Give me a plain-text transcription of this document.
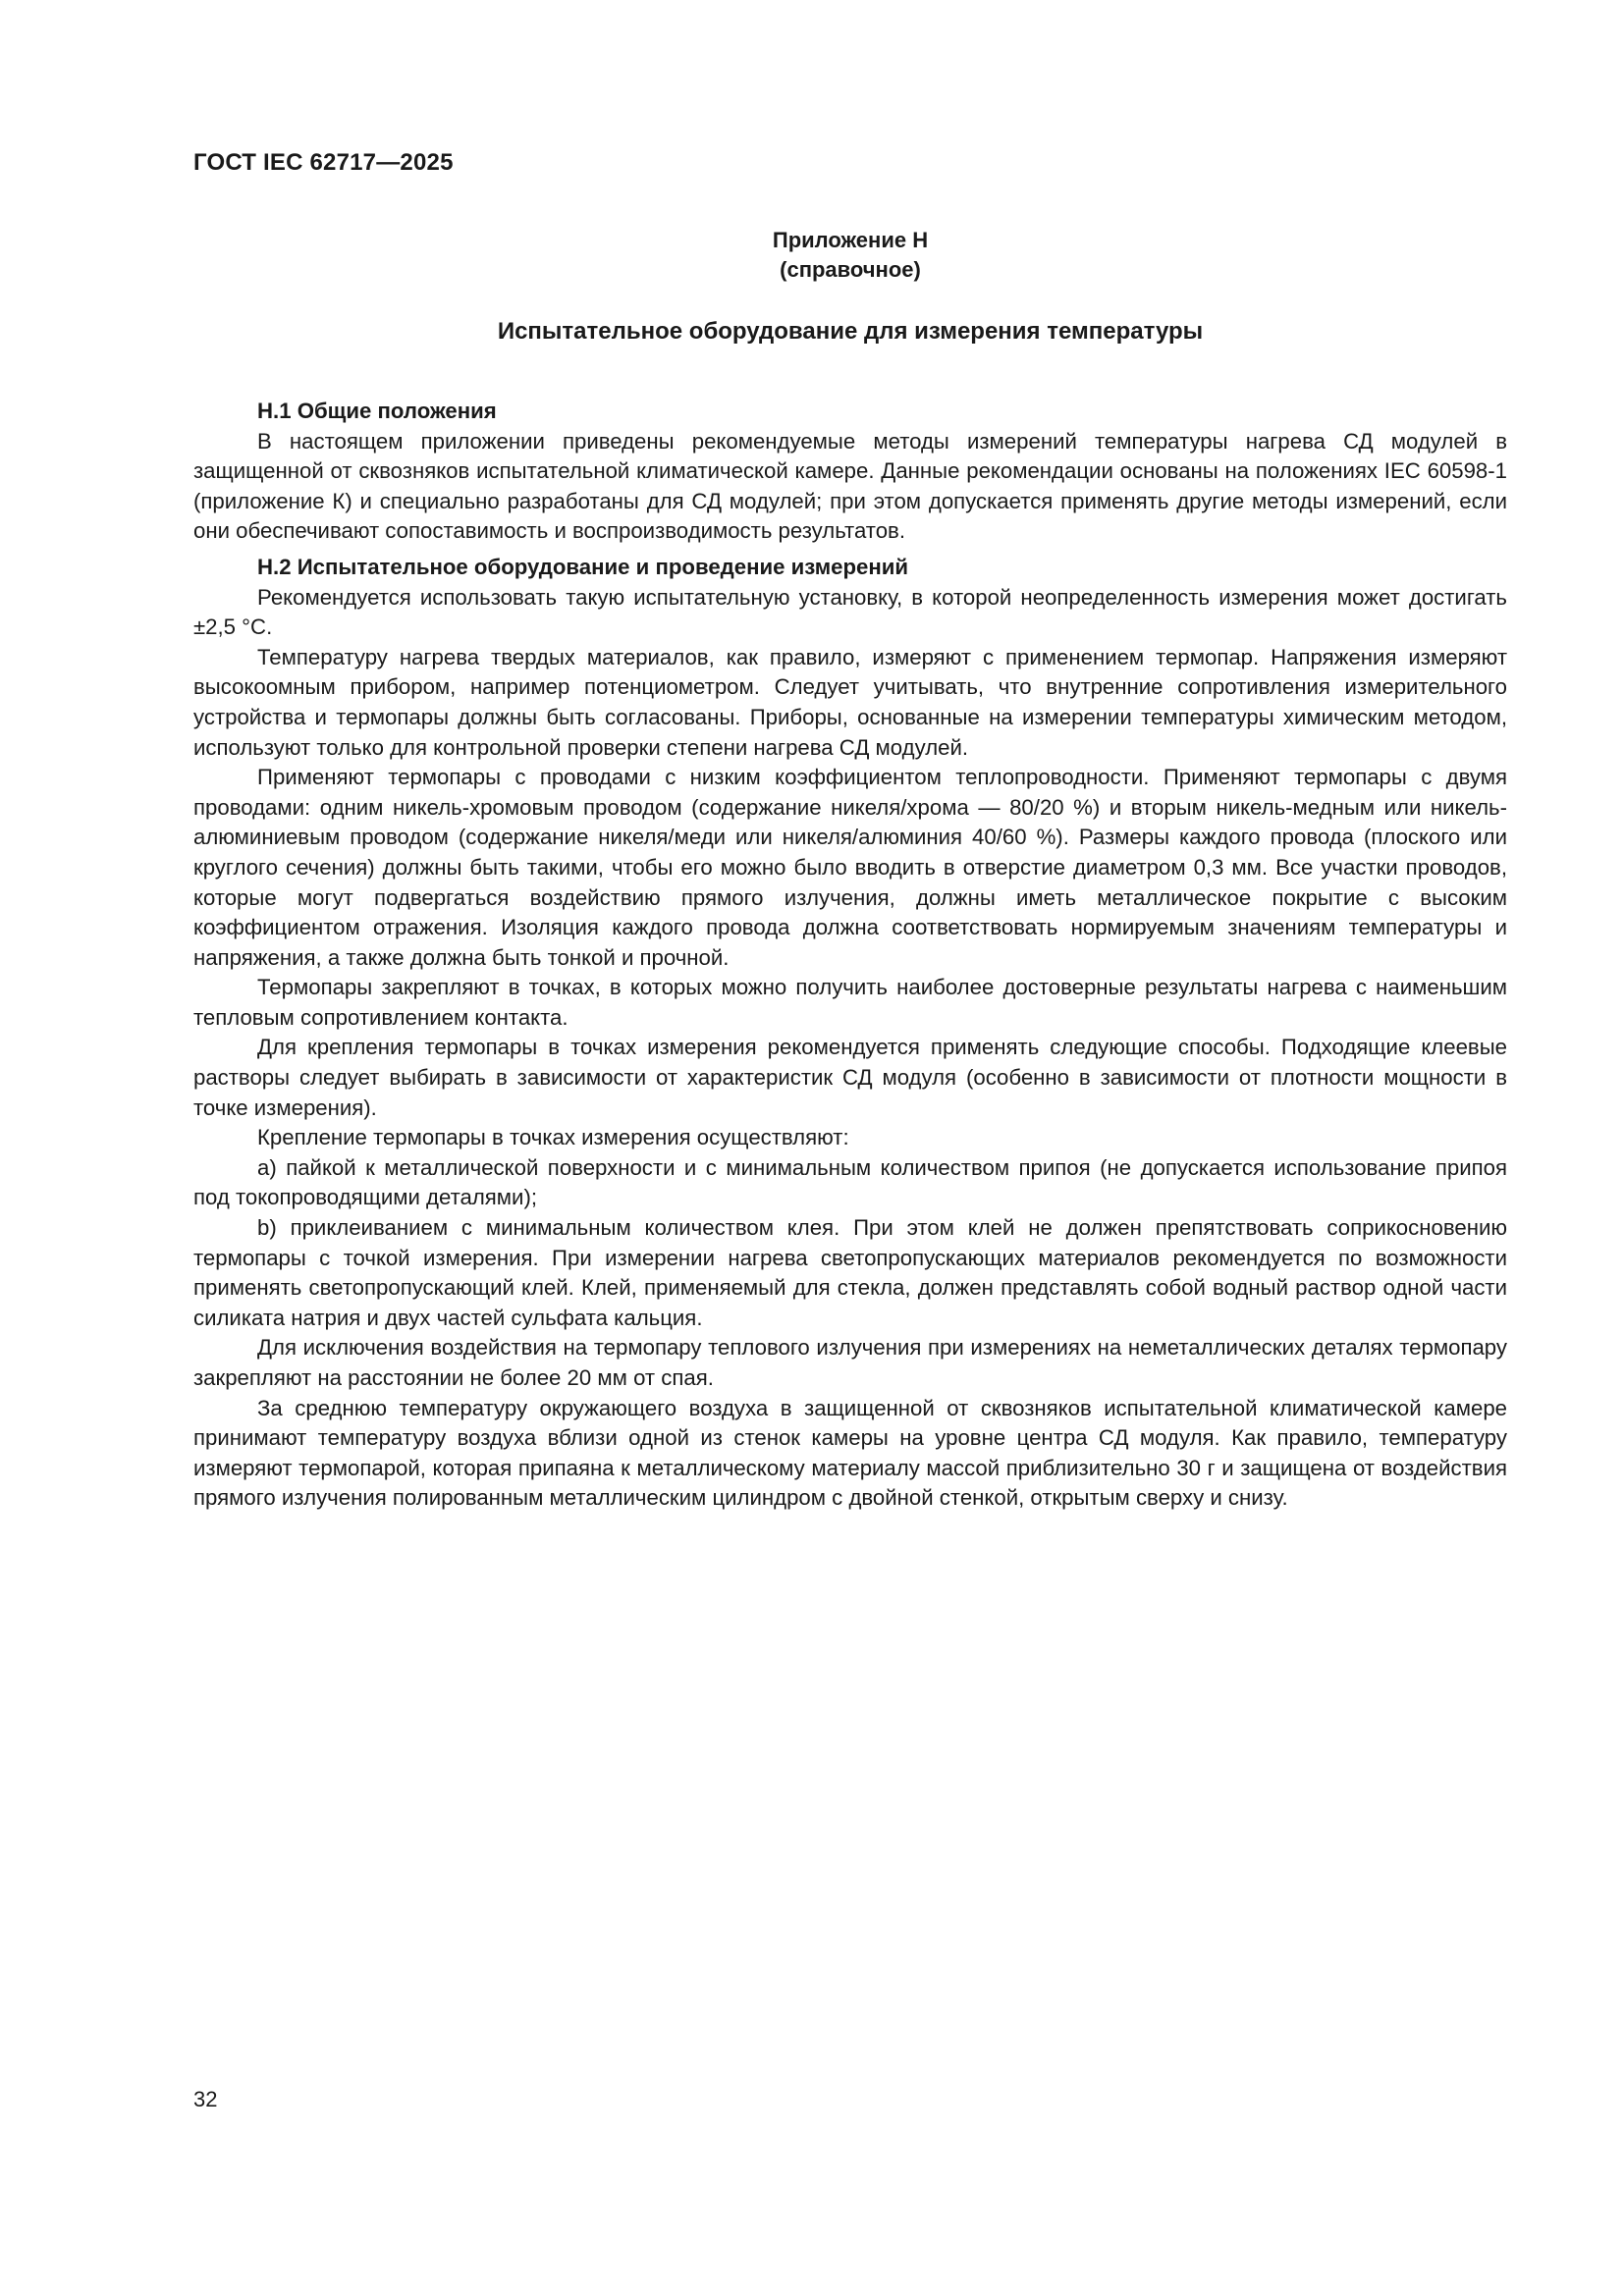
ГОСТ IEC 62717—2025

Приложение Н

(справочное)

Испытательное оборудование для измерения температуры

Н.1 Общие положения

В настоящем приложении приведены рекомендуемые методы измерений температуры нагрева СД модулей в защищенной от сквозняков испытательной климатической камере. Данные рекомендации основаны на положениях IEC 60598-1 (приложение К) и специально разработаны для СД модулей; при этом допускается применять другие методы измерений, если они обеспечивают сопоставимость и воспроизводимость результатов.

Н.2 Испытательное оборудование и проведение измерений

Рекомендуется использовать такую испытательную установку, в которой неопределенность измерения может достигать ±2,5 °С.

Температуру нагрева твердых материалов, как правило, измеряют с применением термопар. Напряжения измеряют высокоомным прибором, например потенциометром. Следует учитывать, что внутренние сопротивления измерительного устройства и термопары должны быть согласованы. Приборы, основанные на измерении температуры химическим методом, используют только для контрольной проверки степени нагрева СД модулей.

Применяют термопары с проводами с низким коэффициентом теплопроводности. Применяют термопары с двумя проводами: одним никель-хромовым проводом (содержание никеля/хрома — 80/20 %) и вторым никель-медным или никель-алюминиевым проводом (содержание никеля/меди или никеля/алюминия 40/60 %). Размеры каждого провода (плоского или круглого сечения) должны быть такими, чтобы его можно было вводить в отверстие диаметром 0,3 мм. Все участки проводов, которые могут подвергаться воздействию прямого излучения, должны иметь металлическое покрытие с высоким коэффициентом отражения. Изоляция каждого провода должна соответствовать нормируемым значениям температуры и напряжения, а также должна быть тонкой и прочной.

Термопары закрепляют в точках, в которых можно получить наиболее достоверные результаты нагрева с наименьшим тепловым сопротивлением контакта.

Для крепления термопары в точках измерения рекомендуется применять следующие способы. Подходящие клеевые растворы следует выбирать в зависимости от характеристик СД модуля (особенно в зависимости от плотности мощности в точке измерения).

Крепление термопары в точках измерения осуществляют:

a) пайкой к металлической поверхности и с минимальным количеством припоя (не допускается использование припоя под токопроводящими деталями);

b) приклеиванием с минимальным количеством клея. При этом клей не должен препятствовать соприкосновению термопары с точкой измерения. При измерении нагрева светопропускающих материалов рекомендуется по возможности применять светопропускающий клей. Клей, применяемый для стекла, должен представлять собой водный раствор одной части силиката натрия и двух частей сульфата кальция.

Для исключения воздействия на термопару теплового излучения при измерениях на неметаллических деталях термопару закрепляют на расстоянии не более 20 мм от спая.

За среднюю температуру окружающего воздуха в защищенной от сквозняков испытательной климатической камере принимают температуру воздуха вблизи одной из стенок камеры на уровне центра СД модуля. Как правило, температуру измеряют термопарой, которая припаяна к металлическому материалу массой приблизительно 30 г и защищена от воздействия прямого излучения полированным металлическим цилиндром с двойной стенкой, открытым сверху и снизу.

32
